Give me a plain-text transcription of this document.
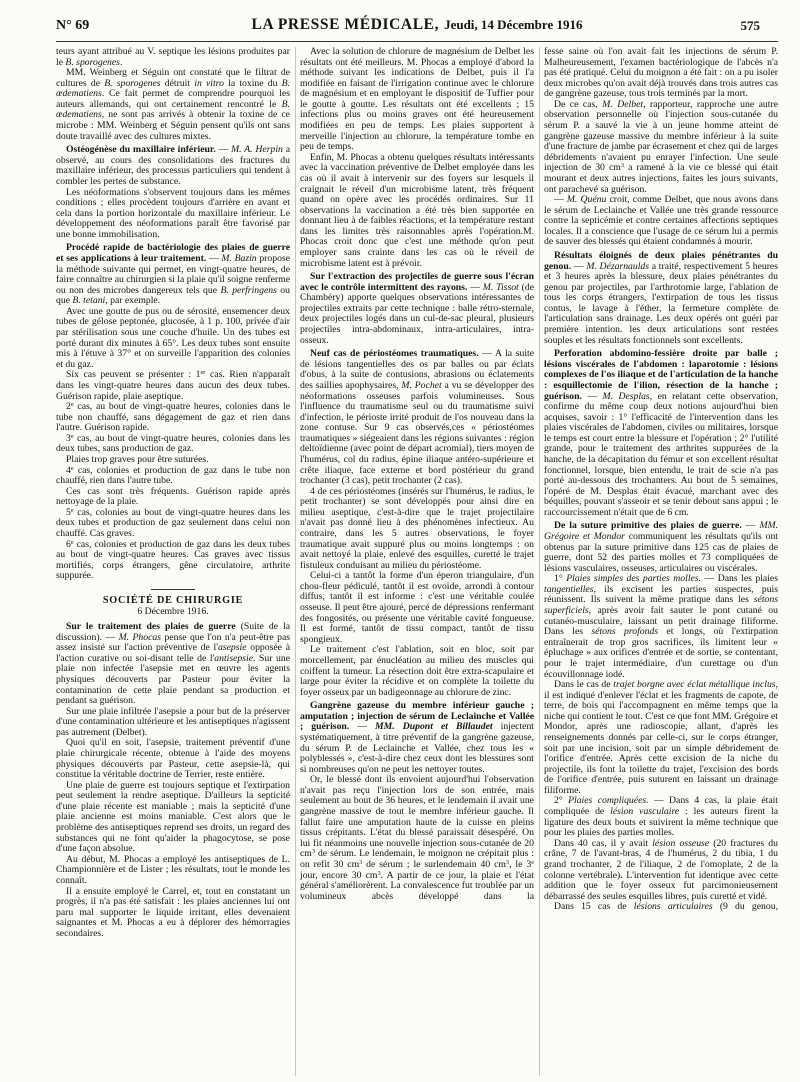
N° 69	LA PRESSE MÉDICALE, Jeudi, 14 Décembre 1916	575

teurs ayant attribué au V. septique les lésions produites par le B. sporogenes.

MM. Weinberg et Séguin ont constaté que le filtrat de cultures de B. sporogenes détruit in vitro la toxine du B. œdematiens. Ce fait permet de comprendre pourquoi les auteurs allemands, qui ont certainement rencontré le B. œdematiens, ne sont pas arrivés à obtenir la toxine de ce microbe : MM. Weinberg et Séguin pensent qu'ils ont sans doute travaillé avec des cultures mixtes.

Ostéogénèse du maxillaire inférieur. — M. A. Herpin a observé, au cours des consolidations des fractures du maxillaire inférieur, des processus particuliers qui tendent à combler les pertes de substance.

Les néoformations s'observent toujours dans les mêmes conditions ; elles procèdent toujours d'arrière en avant et cela dans la portion horizontale du maxillaire inférieur. Le développement des néoformations paraît être favorisé par une bonne immobilisation.

Procédé rapide de bactériologie des plaies de guerre et ses applications à leur traitement. — M. Bazin propose la méthode suivante qui permet, en vingt-quatre heures, de faire connaître au chirurgien si la plaie qu'il soigne renferme ou non des microbes dangereux tels que B. perfringens ou que B. tetani, par exemple.

Avec une goutte de pus ou de sérosité, ensemencer deux tubes de gélose peptonée, glucosée, à 1 p. 100, privée d'air par stérilisation sous une couche d'huile. Un des tubes est porté durant dix minutes à 65°. Les deux tubes sont ensuite mis à l'étuve à 37° et on surveille l'apparition des colonies et du gaz.

Six cas peuvent se présenter : 1er cas. Rien n'apparaît dans les vingt-quatre heures dans aucun des deux tubes. Guérison rapide, plaie aseptique.

2e cas, au bout de vingt-quatre heures, colonies dans le tube non chauffé, sans dégagement de gaz et rien dans l'autre. Guérison rapide.

3e cas, au bout de vingt-quatre heures, colonies dans les deux tubes, sans production de gaz.

Plaies trop graves pour être suturées.

4e cas, colonies et production de gaz dans le tube non chauffé, rien dans l'autre tube.

Ces cas sont très fréquents. Guérison rapide après nettoyage de la plaie.

5e cas, colonies au bout de vingt-quatre heures dans les deux tubes et production de gaz seulement dans celui non chauffé. Cas graves.

6e cas, colonies et production de gaz dans les deux tubes au bout de vingt-quatre heures. Cas graves avec tissus mortifiés, corps étrangers, gêne circulatoire, arthrite suppurée.

SOCIÉTÉ DE CHIRURGIE
6 Décembre 1916.

Sur le traitement des plaies de guerre (Suite de la discussion). — M. Phocas pense que l'on n'a peut-être pas assez insisté sur l'action préventive de l'asepsie opposée à l'action curative ou soi-disant telle de l'antisepsie. Sur une plaie non infectée l'asepsie met en œuvre les agents physiques découverts par Pasteur pour éviter la contamination de cette plaie pendant sa production et pendant sa guérison.

Sur une plaie infiltrée l'asepsie a pour but de la préserver d'une contamination ultérieure et les antiseptiques n'agissent pas autrement (Delbet).

Quoi qu'il en soit, l'asepsie, traitement préventif d'une plaie chirurgicale récente, obtenue à l'aide des moyens physiques découverts par Pasteur, cette asepsie-là, qui constitue la véritable doctrine de Terrier, reste entière.

Une plaie de guerre est toujours septique et l'extirpation peut seulement la rendre aseptique. D'ailleurs la septicité d'une plaie récente est maniable ; mais la septicité d'une plaie ancienne est moins maniable. C'est alors que le problème des antiseptiques reprend ses droits, un regard des substances qui ne font qu'aider la phagocytose, se pose d'une façon absolue.

Au début, M. Phocas a employé les antiseptiques de L. Championnière et de Lister ; les résultats, tout le monde les connaît.

Il a ensuite employé le Carrel, et, tout en constatant un progrès, il n'a pas été satisfait : les plaies anciennes lui ont paru mal supporter le liquide irritant, elles devenaient saignantes et M. Phocas a eu à déplorer des hémorragies secondaires.

Avec la solution de chlorure de magnésium de Delbet les résultats ont été meilleurs. M. Phocas a employé d'abord la méthode suivant les indications de Delbet, puis il l'a modifiée en faisant de l'irrigation continue avec le chlorure de magnésium et en employant le dispositif de Tuffier pour le goutte à goutte. Les résultats ont été excellents ; 15 infections plus ou moins graves ont été heureusement modifiées en peu de temps. Les plaies supportent à merveille l'injection au chlorure, la température tombe en peu de temps.

Enfin, M. Phocas a obtenu quelques résultats intéressants avec la vaccination préventive de Delbet employée dans les cas où il avait à intervenir sur des foyers sur lesquels il craignait le réveil d'un microbisme latent, très fréquent quand on opère avec les procédés ordinaires. Sur 11 observations la vaccination a été très bien supportée en donnant lieu à de faibles réactions, et la température restant dans les limites très raisonnables après l'opération.M. Phocas croit donc que c'est une méthode qu'on peut employer sans crainte dans les cas où le réveil de microbisme latent est à prévoir.

Sur l'extraction des projectiles de guerre sous l'écran avec le contrôle intermittent des rayons. — M. Tissot (de Chambéry) apporte quelques observations intéressantes de projectiles extraits par cette technique : balle rétro-sternale, deux projectiles logés dans un cul-de-sac pleural, plusieurs projectiles intra-abdominaux, intra-articulaires, intra-osseux.

Neuf cas de périostéomes traumatiques. — A la suite de lésions tangentielles des os par balles ou par éclats d'obus, à la suite de contusions, abrasions ou éclatements des saillies apophysaires, M. Pochet a vu se développer des néoformations osseuses parfois volumineuses. Sous l'influence du traumatisme seul ou du traumatisme suivi d'infection, le périoste irrité produit de l'os nouveau dans la zone contuse. Sur 9 cas observés,ces « périostéomes traumatiques » siégeaient dans les régions suivantes : région deltoïdienne (avec point de départ acromial), tiers moyen de l'humérus, col du radius, épine iliaque antéro-supérieure et crête iliaque, face externe et bord postérieur du grand trochanter (3 cas), petit trochanter (2 cas).

4 de ces périostéomes (insérés sur l'humérus, le radius, le petit trochanter) se sont développés pour ainsi dire en milieu aseptique, c'est-à-dire que le trajet projectilaire n'avait pas donné lieu à des phénomènes infectieux. Au contraire, dans les 5 autres observations, le foyer traumatique avait suppuré plus ou moins longtemps : on avait nettoyé la plaie, enlevé des esquilles, curetté le trajet fistuleux conduisant au milieu du périostéome.

Celui-ci a tantôt la forme d'un éperon triangulaire, d'un chou-fleur pédiculé, tantôt il est ovoïde, arrondi à contour diffus, tantôt il est informe : c'est une véritable coulée osseuse. Il peut être ajouré, percé de dépressions renfermant des fongosités, ou présente une véritable cavité fongueuse. Il est formé, tantôt de tissu compact, tantôt de tissu spongieux.

Le traitement c'est l'ablation, soit en bloc, soit par morcellement, par énucléation au milieu des muscles qui coiffent la tumeur. La résection doit être extra-scapulaire et large pour éviter la récidive et on complète la toilette du foyer osseux par un badigeonnage au chlorure de zinc.

Gangrène gazeuse du membre inférieur gauche ; amputation ; injection de sérum de Leclainche et Vallée ; guérison. — MM. Dupont et Billaudet injectent systématiquement, à titre préventif de la gangrène gazeuse, du sérum P. de Leclainche et Vallée, chez tous les « polyblessés », c'est-à-dire chez ceux dont les blessures sont si nombreuses qu'on ne peut les nettoyer toutes.

Or, le blessé dont ils envoient aujourd'hui l'observation n'avait pas reçu l'injection lors de son entrée, mais seulement au bout de 36 heures, et le lendemain il avait une gangrène massive de tout le membre inférieur gauche. Il fallut faire une amputation haute de la cuisse en pleins tissus crépitants. L'état du blessé paraissait désespéré. On lui fit néanmoins une nouvelle injection sous-cutanée de 20 $cm^3$ de sérum. Le lendemain, le moignon ne crépitait plus : on refit 30 $cm^3$ de sérum ; le surlendemain 40 $cm^3$, le 3e jour, encore 30 $cm^3$. A partir de ce jour, la plaie et l'état général s'améliorèrent. La convalescence fut troublée par un volumineux abcès développé dans la

fesse saine où l'on avait fait les injections de sérum P. Malheureusement, l'examen bactériologique de l'abcès n'a pas été pratiqué. Celui du moignon a été fait : on a pu isoler deux microbes qu'on avait déjà trouvés dans trois autres cas de gangrène gazeuse, tous trois terminés par la mort.

De ce cas, M. Delbet, rapporteur, rapproche une autre observation personnelle où l'injection sous-cutanée du sérum P. a sauvé la vie à un jeune homme atteint de gangrène gazeuse massive du membre inférieur à la suite d'une fracture de jambe par écrasement et chez qui de larges débridements n'avaient pu enrayer l'infection. Une seule injection de 30 $cm^3$ a ramené à la vie ce blessé qui était mourant et deux autres injections, faites les jours suivants, ont parachevé sa guérison.

— M. Quénu croit, comme Delbet, que nous avons dans le sérum de Leclainche et Vallée une très grande ressource contre la septicémie et contre certaines affections septiques locales. Il a conscience que l'usage de ce sérum lui a permis de sauver des blessés qui étaient condamnés à mourir.

Résultats éloignés de deux plaies pénétrantes du genou. — M. Dézarnaulds a traité, respectivement 5 heures et 3 heures après la blessure, deux plaies pénétrantes du genou par projectiles, par l'arthrotomie large, l'ablation de tous les corps étrangers, l'extirpation de tous les tissus contus, le lavage à l'éther, la fermeture complète de l'articulation sans drainage. Les deux opérés ont guéri par première intention. les deux articulations sont restées souples et les résultats fonctionnels sont excellents.

Perforation abdomino-fessière droite par balle ; lésions viscérales de l'abdomen : laparotomie : lésions complexes de l'os iliaque et de l'articulation de la hanche : esquillectomie de l'ilion, résection de la hanche ; guérison. — M. Desplas, en relatant cette observation, confirme du même coup deux notions aujourd'hui bien acquises, savoir : 1° l'efficacité de l'intervention dans les plaies viscérales de l'abdomen, civiles ou militaires, lorsque le temps est court entre la blessure et l'opération ; 2° l'utilité grande, pour le traitement des arthrites suppurées de la hanche, de la décapitation du fémur et son excellent résultat fonctionnel, lorsque, bien entendu, le trait de scie n'a pas porté au-dessous des trochanters. Au bout de 5 semaines, l'opéré de M. Desplas était évacué, marchant avec des béquilles, pouvant s'asseoir et se tenir debout sans appui ; le raccourcissement n'était que de 6 cm.

De la suture primitive des plaies de guerre. — MM. Grégoire et Mondor communiquent les résultats qu'ils ont obtenus par la suture primitive dans 125 cas de plaies de guerre, dont 52 des parties molles et 73 compliquées de lésions vasculaires, osseuses, articulaires ou viscérales.

1° Plaies simples des parties molles. — Dans les plaies tangentielles, ils excisent les parties suspectes, puis réunissent. Ils suivent la même pratique dans les sétons superficiels, après avoir fait sauter le pont cutané ou cutanéo-musculaire, laissant un petit drainage filiforme. Dans les sétons profonds et longs, où l'extirpation entraînerait de trop gros sacrifices, ils limitent leur « épluchage » aux orifices d'entrée et de sortie, se contentant, pour le trajet intermédiaire, d'un curettage ou d'un écouvillonnage iodé.

Dans le cas de trajet borgne avec éclat métallique inclus, il est indiqué d'enlever l'éclat et les fragments de capote, de terre, de bois qui l'accompagnent en même temps que la niche qui contient le tout. C'est ce que font MM. Grégoire et Mondor, après une radioscopie, allant, d'après les renseignements donnés par celle-ci, sur le corps étranger, soit par une incision, soit par un simple débridement de l'orifice d'entrée. Après cette excision de la niche du projectile, ils font la toilette du trajet, l'excision des bords de l'orifice d'entrée, puis suturent en laissant un drainage filiforme.

2° Plaies compliquées. — Dans 4 cas, la plaie était compliquée de lésion vasculaire : les auteurs firent la ligature des deux bouts et suivirent la même technique que pour les plaies des parties molles.

Dans 40 cas, il y avait lésion osseuse (20 fractures du crâne, 7 de l'avant-bras, 4 de l'humérus, 2 du tibia, 1 du grand trochanter, 2 de l'iliaque, 2 de l'omoplate, 2 de la colonne vertébrale). L'intervention fut identique avec cette addition que le foyer osseux fut parcimonieusement débarrassé des seules esquilles libres, puis curetté et vidé.

Dans 15 cas de lésions articulaires (9 du genou,
